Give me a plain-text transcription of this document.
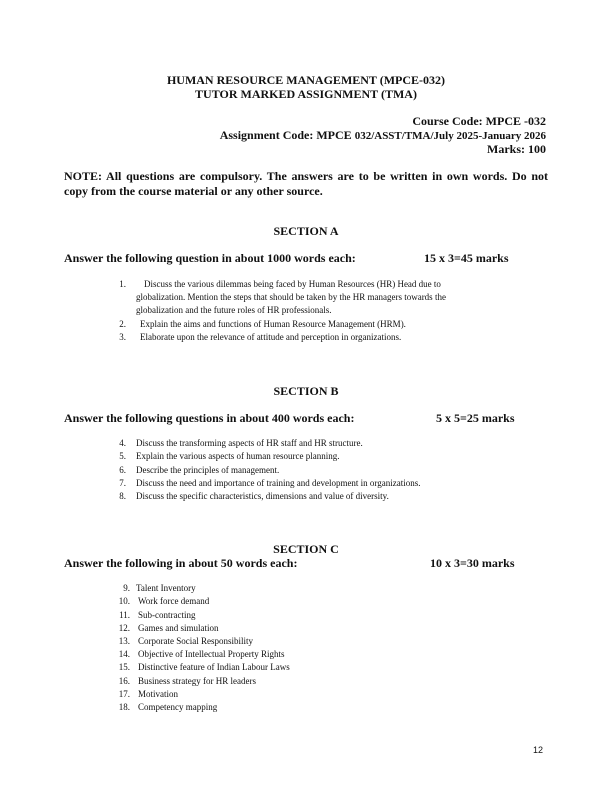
HUMAN RESOURCE MANAGEMENT (MPCE-032)
TUTOR MARKED ASSIGNMENT (TMA)
Course Code: MPCE -032
Assignment Code: MPCE 032/ASST/TMA/July 2025-January 2026
Marks: 100
NOTE: All questions are compulsory. The answers are to be written in own words. Do not copy from the course material or any other source.
SECTION A
Answer the following question in about 1000 words each:	15 x 3=45 marks
1. Discuss the various dilemmas being faced by Human Resources (HR) Head due to
globalization. Mention the steps that should be taken by the HR managers towards the
globalization and the future roles of HR professionals.
2. Explain the aims and functions of Human Resource Management (HRM).
3. Elaborate upon the relevance of attitude and perception in organizations.
SECTION B
Answer the following questions in about 400 words each:	5 x 5=25 marks
4. Discuss the transforming aspects of HR staff and HR structure.
5. Explain the various aspects of human resource planning.
6. Describe the principles of management.
7. Discuss the need and importance of training and development in organizations.
8. Discuss the specific characteristics, dimensions and value of diversity.
SECTION C
Answer the following in about 50 words each:	10 x 3=30 marks
9. Talent Inventory
10. Work force demand
11. Sub-contracting
12. Games and simulation
13. Corporate Social Responsibility
14. Objective of Intellectual Property Rights
15. Distinctive feature of Indian Labour Laws
16. Business strategy for HR leaders
17. Motivation
18. Competency mapping
12
